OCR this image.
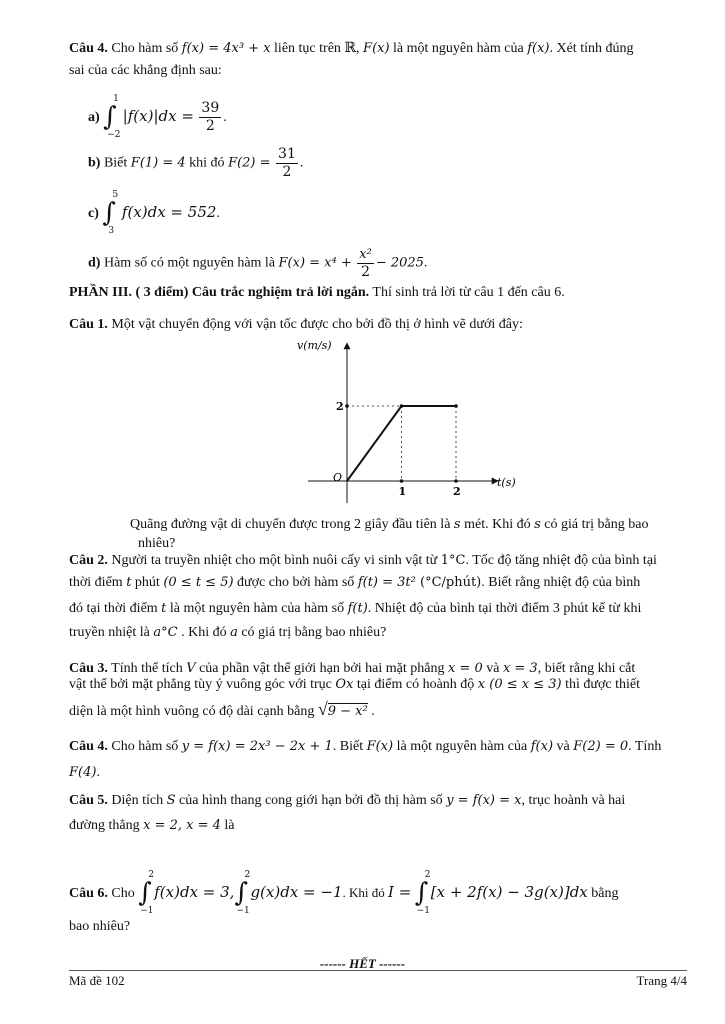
Câu 4. Cho hàm số f(x) = 4x³ + x liên tục trên ℝ, F(x) là một nguyên hàm của f(x). Xét tính đúng
sai của các khẳng định sau:
a) ∫
1
−2
$|f(x)|dx = \frac{39}{2}$ .
b) Biết F(1) = 4 khi đó $F(2) = \frac{31}{2}$ .
c) ∫
5
3
f(x)dx = 552.
d) Hàm số có một nguyên hàm là $F(x) = x^4 + \frac{\text{x²}}{2} - 2025$.
PHẦN III. ( 3 điểm) Câu trắc nghiệm trả lời ngắn. Thí sinh trả lời từ câu 1 đến câu 6.
Câu 1. Một vật chuyển động với vận tốc được cho bởi đồ thị ở hình vẽ dưới đây:
1	2
2
v(m/s)
t(s)
O
Quãng đường vật di chuyển được trong 2 giây đầu tiên là s mét. Khi đó s có giá trị bằng bao
nhiêu?
Câu 2. Người ta truyền nhiệt cho một bình nuôi cấy vi sinh vật từ 1°C. Tốc độ tăng nhiệt độ của bình tại
thời điểm t phút (0 ≤ t ≤ 5) được cho bởi hàm số f(t) = 3t² (°C/phút). Biết rằng nhiệt độ của bình
đó tại thời điểm t là một nguyên hàm của hàm số f(t). Nhiệt độ của bình tại thời điểm 3 phút kể từ khi
truyền nhiệt là a°C . Khi đó a có giá trị bằng bao nhiêu?
Câu 3. Tính thể tích V của phần vật thể giới hạn bởi hai mặt phẳng x = 0 và x = 3, biết rằng khi cắt
vật thể bởi mặt phẳng tùy ý vuông góc với trục Ox tại điểm có hoành độ x (0 ≤ x ≤ 3) thì được thiết
diện là một hình vuông có độ dài cạnh bằng √9 − x² .
Câu 4. Cho hàm số y = f(x) = 2x³ − 2x + 1. Biết F(x) là một nguyên hàm của f(x) và F(2) = 0. Tính
F(4).
Câu 5. Diện tích S của hình thang cong giới hạn bởi đồ thị hàm số y = f(x) = x, trục hoành và hai
đường thẳng x = 2, x = 4 là
Câu 6. Cho ∫
2
−1
f(x)dx = 3,∫
2
−1
g(x)dx = −1. Khi đó I = ∫
2
−1
[x + 2f(x) − 3g(x)]dx bằng
bao nhiêu?
------ HẾT ------
Mã đề 102	Trang 4/4
